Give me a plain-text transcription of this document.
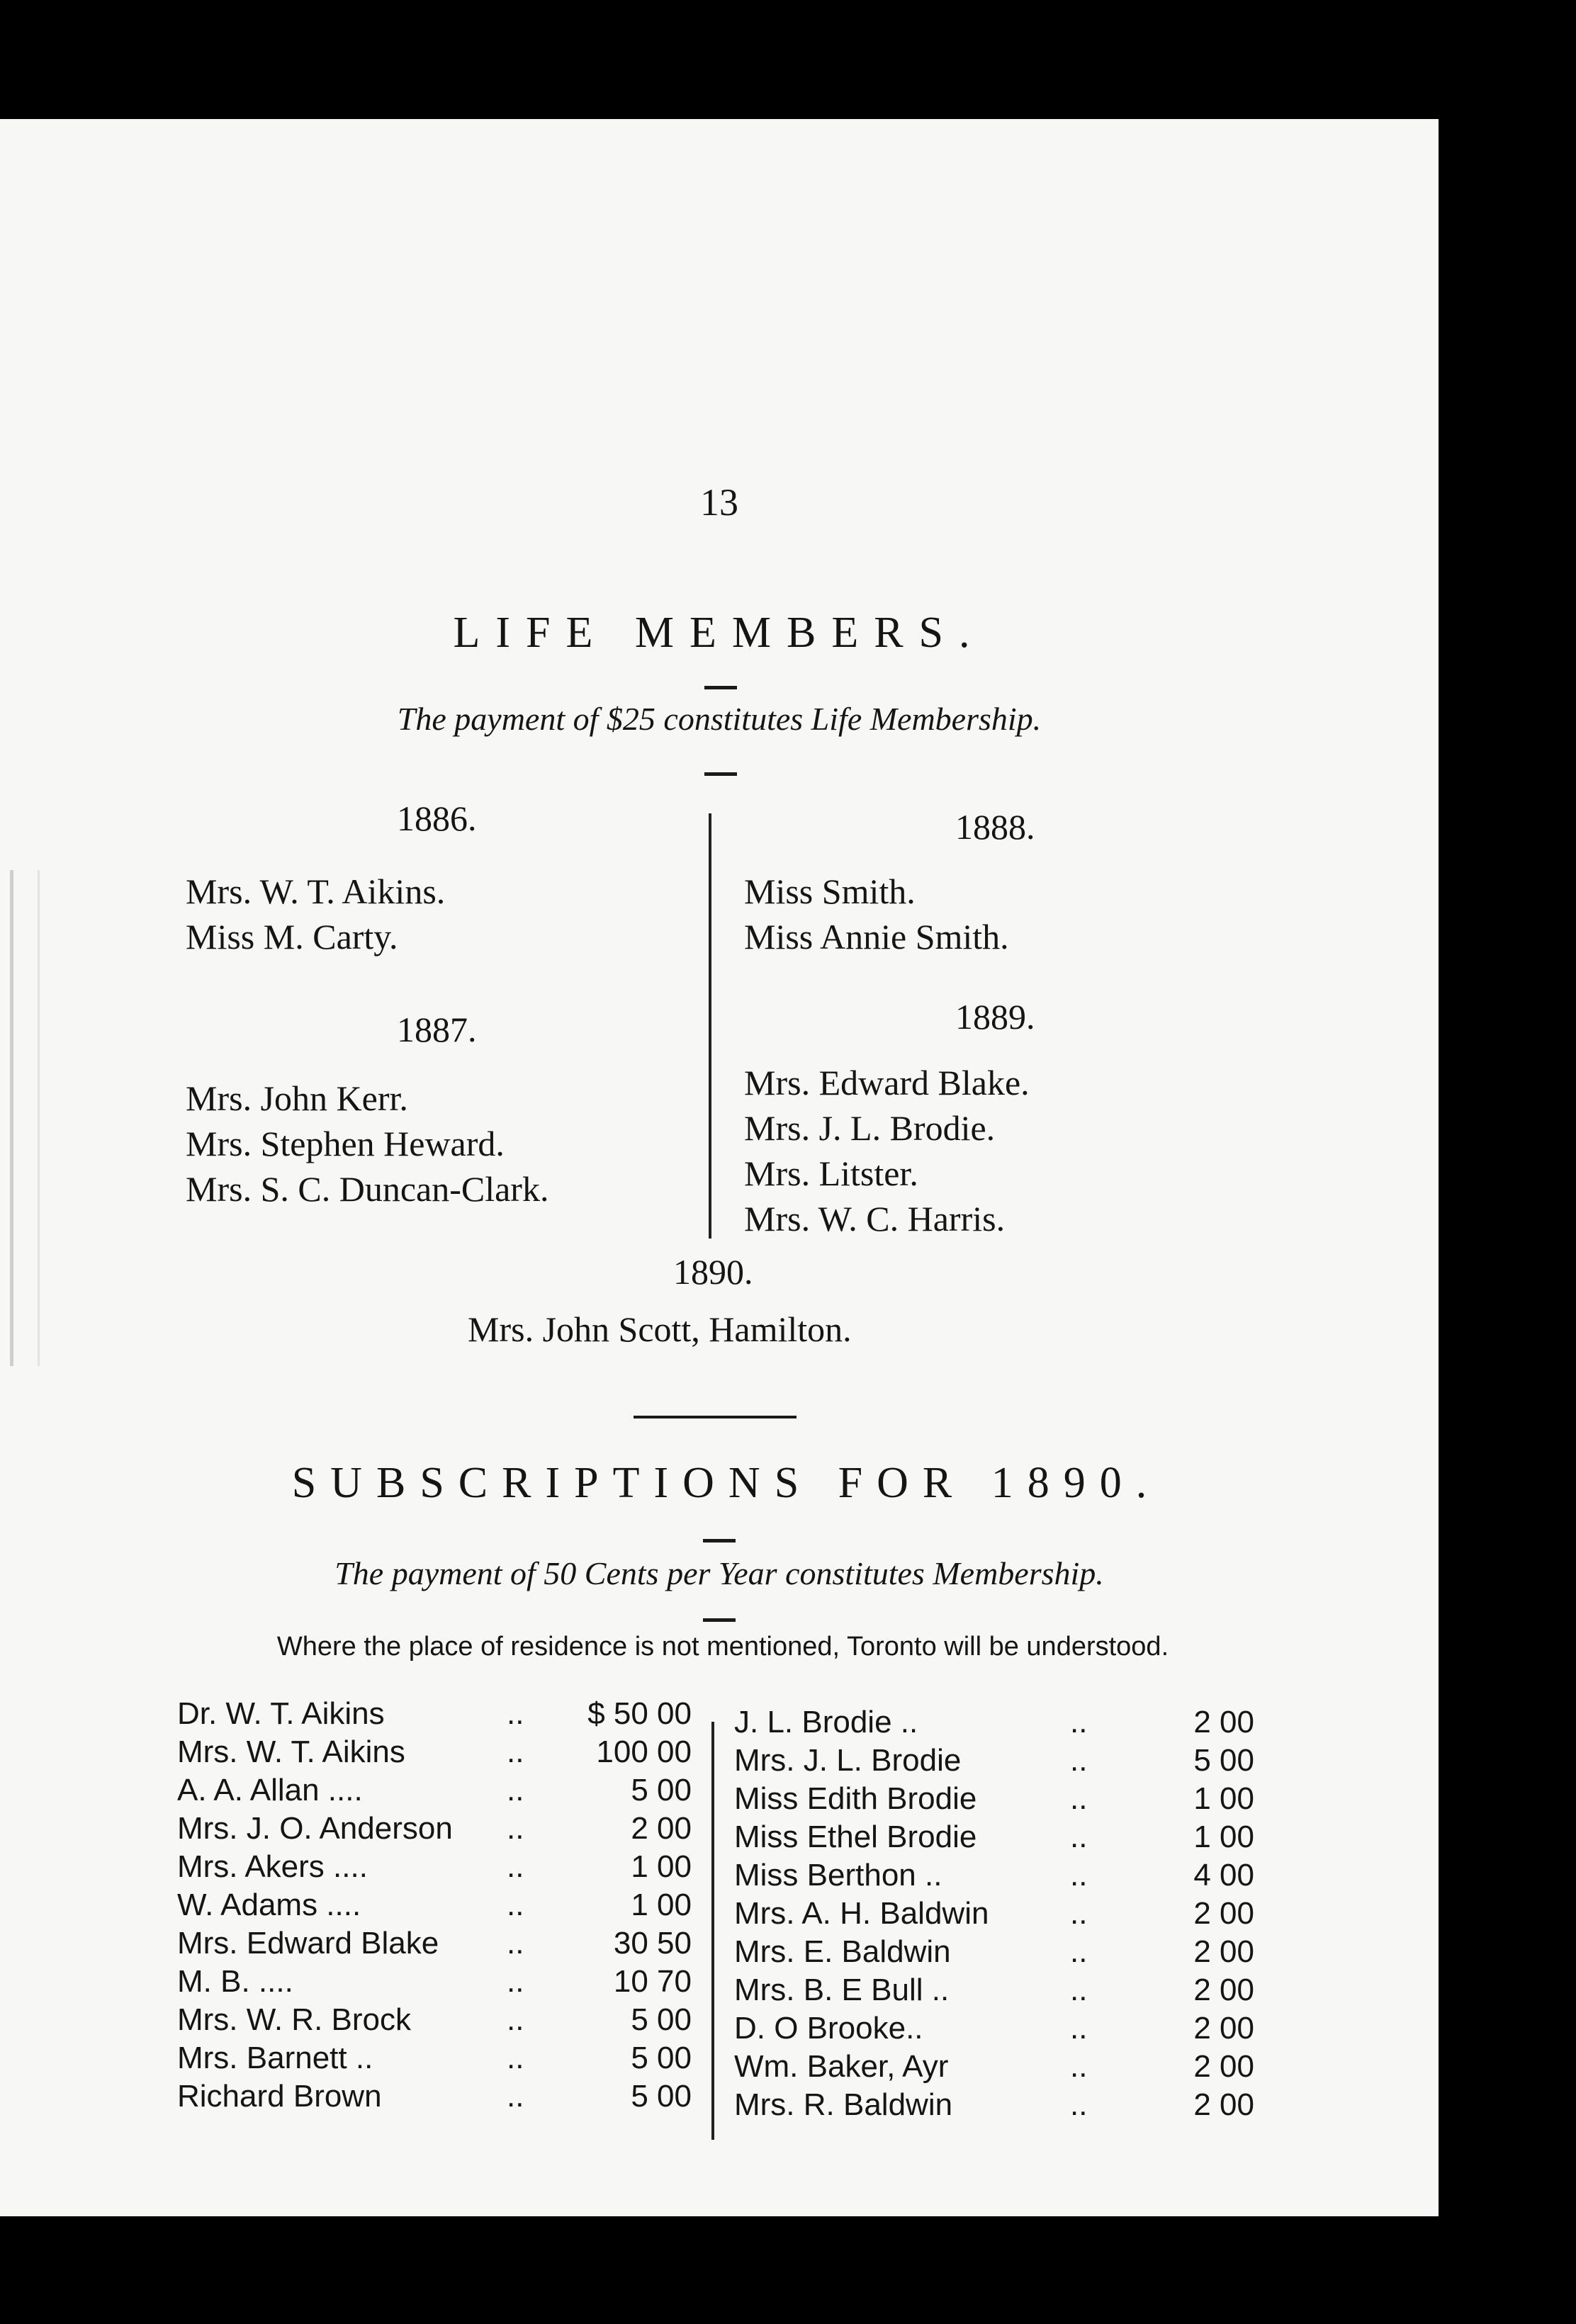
13
LIFE MEMBERS.
The payment of $25 constitutes Life Membership.
1886.
Mrs. W. T. Aikins.
Miss M. Carty.
1887.
Mrs. John Kerr.
Mrs. Stephen Heward.
Mrs. S. C. Duncan-Clark.
1888.
Miss Smith.
Miss Annie Smith.
1889.
Mrs. Edward Blake.
Mrs. J. L. Brodie.
Mrs. Litster.
Mrs. W. C. Harris.
1890.
Mrs. John Scott, Hamilton.
SUBSCRIPTIONS FOR 1890.
The payment of 50 Cents per Year constitutes Membership.
Where the place of residence is not mentioned, Toronto will be understood.
Dr. W. T. Aikins	..	$ 50 00
Mrs. W. T. Aikins	..	100 00
A. A. Allan ....	..	5 00
Mrs. J. O. Anderson ..	2 00
Mrs. Akers ....	..	1 00
W. Adams ....	..	1 00
Mrs. Edward Blake ..	30 50
M. B. ....	..	10 70
Mrs. W. R. Brock	..	5 00
Mrs. Barnett ..	..	5 00
Richard Brown	..	5 00
J. L. Brodie ..	..	2 00
Mrs. J. L. Brodie	..	5 00
Miss Edith Brodie	..	1 00
Miss Ethel Brodie	..	1 00
Miss Berthon ..	..	4 00
Mrs. A. H. Baldwin	..	2 00
Mrs. E. Baldwin	..	2 00
Mrs. B. E Bull ..	..	2 00
D. O Brooke..	..	2 00
Wm. Baker, Ayr	..	2 00
Mrs. R. Baldwin	..	2 00
